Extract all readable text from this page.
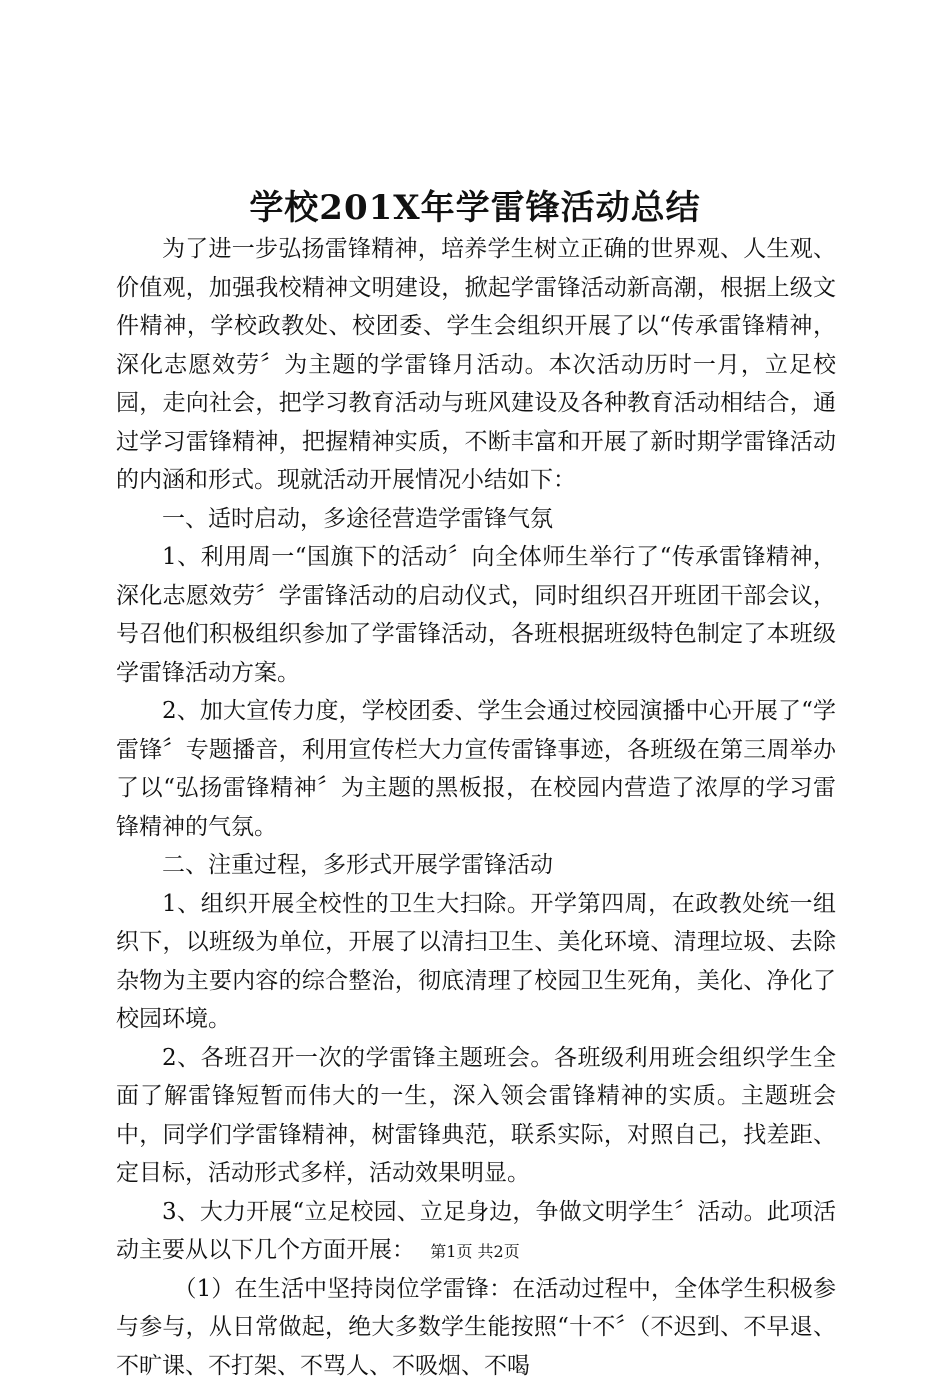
学校201X年学雷锋活动总结

为了进一步弘扬雷锋精神，培养学生树立正确的世界观、人生观、价值观，加强我校精神文明建设，掀起学雷锋活动新高潮，根据上级文件精神，学校政教处、校团委、学生会组织开展了以“传承雷锋精神，深化志愿效劳〞为主题的学雷锋月活动。本次活动历时一月，立足校园，走向社会，把学习教育活动与班风建设及各种教育活动相结合，通过学习雷锋精神，把握精神实质，不断丰富和开展了新时期学雷锋活动的内涵和形式。现就活动开展情况小结如下：

一、适时启动，多途径营造学雷锋气氛

1、利用周一“国旗下的活动〞向全体师生举行了“传承雷锋精神，深化志愿效劳〞学雷锋活动的启动仪式，同时组织召开班团干部会议，号召他们积极组织参加了学雷锋活动，各班根据班级特色制定了本班级学雷锋活动方案。

2、加大宣传力度，学校团委、学生会通过校园演播中心开展了“学雷锋〞专题播音，利用宣传栏大力宣传雷锋事迹，各班级在第三周举办了以“弘扬雷锋精神〞为主题的黑板报，在校园内营造了浓厚的学习雷锋精神的气氛。

二、注重过程，多形式开展学雷锋活动

1、组织开展全校性的卫生大扫除。开学第四周，在政教处统一组织下，以班级为单位，开展了以清扫卫生、美化环境、清理垃圾、去除杂物为主要内容的综合整治，彻底清理了校园卫生死角，美化、净化了校园环境。

2、各班召开一次的学雷锋主题班会。各班级利用班会组织学生全面了解雷锋短暂而伟大的一生，深入领会雷锋精神的实质。主题班会中，同学们学雷锋精神，树雷锋典范，联系实际，对照自己，找差距、定目标，活动形式多样，活动效果明显。

3、大力开展“立足校园、立足身边，争做文明学生〞活动。此项活动主要从以下几个方面开展：

（1）在生活中坚持岗位学雷锋：在活动过程中，全体学生积极参与参与，从日常做起，绝大多数学生能按照“十不〞（不迟到、不早退、不旷课、不打架、不骂人、不吸烟、不喝

第1页 共2页
